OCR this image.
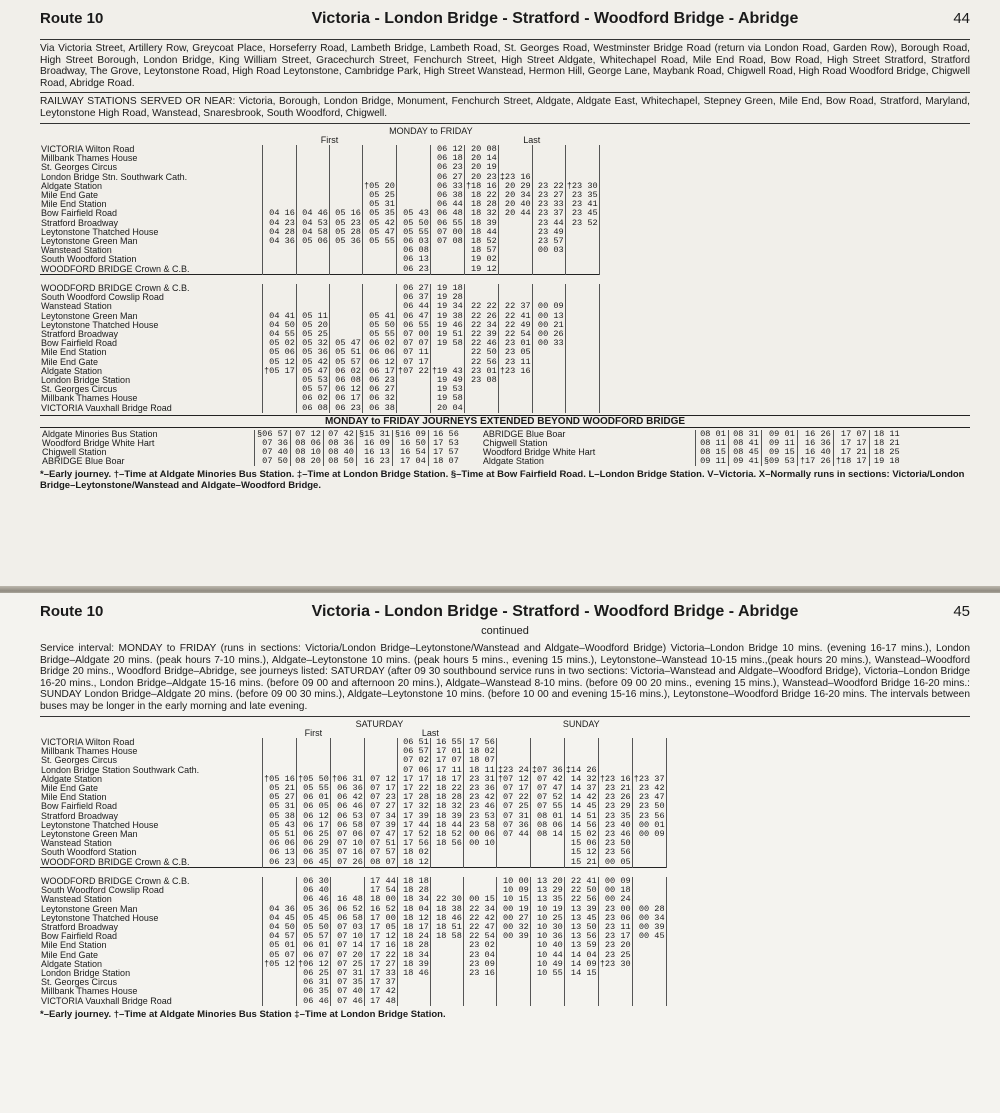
Route 10	Victoria - London Bridge - Stratford - Woodford Bridge - Abridge	44
Via Victoria Street, Artillery Row, Greycoat Place, Horseferry Road, Lambeth Bridge, Lambeth Road, St. Georges Road, Westminster Bridge Road (return via London Road, Garden Row), Borough Road, High Street Borough, London Bridge, King William Street, Gracechurch Street, Fenchurch Street, High Street Aldgate, Whitechapel Road, Mile End Road, Bow Road, High Street Stratford, Stratford Broadway, The Grove, Leytonstone Road, High Road Leytonstone, Cambridge Park, High Street Wanstead, Hermon Hill, George Lane, Maybank Road, Chigwell Road, High Road Woodford Bridge, Chigwell Road, Abridge Road.
RAILWAY STATIONS SERVED OR NEAR: Victoria, Borough, London Bridge, Monument, Fenchurch Street, Aldgate, Aldgate East, Whitechapel, Stepney Green, Mile End, Bow Road, Stratford, Maryland, Leytonstone High Road, Wanstead, Snaresbrook, South Woodford, Chigwell.
	MONDAY to FRIDAY									
	First						Last			
VICTORIA Wilton Road						06 12	20 08			
Millbank Thames House						06 18	20 14			
St. Georges Circus						06 23	20 19			
London Bridge Stn. Southwark Cath.						06 27	20 23	‡23 16		
Aldgate Station				†05 20		06 33	†18 16	20 29	23 22	†23 30
Mile End Gate				05 25		06 38	18 22	20 34	23 27	23 35
Mile End Station				05 31		06 44	18 28	20 40	23 33	23 41
Bow Fairfield Road	04 16	04 46	05 16	05 35	05 43	06 48	18 32	20 44	23 37	23 45
Stratford Broadway	04 23	04 53	05 23	05 42	05 50	06 55	18 39		23 44	23 52
Leytonstone Thatched House	04 28	04 58	05 28	05 47	05 55	07 00	18 44		23 49	
Leytonstone Green Man	04 36	05 06	05 36	05 55	06 03	07 08	18 52		23 57	
Wanstead Station					06 08		18 57		00 03	
South Woodford Station					06 13		19 02			
WOODFORD BRIDGE Crown & C.B.					06 23		19 12			

WOODFORD BRIDGE Crown & C.B.					06 27	19 18				
South Woodford Cowslip Road					06 37	19 28				
Wanstead Station					06 44	19 34	22 22	22 37	00 09	
Leytonstone Green Man	04 41	05 11		05 41	06 47	19 38	22 26	22 41	00 13	
Leytonstone Thatched House	04 50	05 20		05 50	06 55	19 46	22 34	22 49	00 21	
Stratford Broadway	04 55	05 25		05 55	07 00	19 51	22 39	22 54	00 26	
Bow Fairfield Road	05 02	05 32	05 47	06 02	07 07	19 58	22 46	23 01	00 33	
Mile End Station	05 06	05 36	05 51	06 06	07 11		22 50	23 05		
Mile End Gate	05 12	05 42	05 57	06 12	07 17		22 56	23 11		
Aldgate Station	†05 17	05 47	06 02	06 17	†07 22	†19 43	23 01	†23 16		
London Bridge Station		05 53	06 08	06 23		19 49	23 08			
St. Georges Circus		05 57	06 12	06 27		19 53				
Millbank Thames House		06 02	06 17	06 32		19 58				
VICTORIA Vauxhall Bridge Road		06 08	06 23	06 38		20 04				
MONDAY to FRIDAY JOURNEYS EXTENDED BEYOND WOODFORD BRIDGE
Aldgate Minories Bus Station	§06 57	07 12	07 42	§15 31	§16 09	16 56
Woodford Bridge White Hart	07 36	08 06	08 36	16 09	16 50	17 53
Chigwell Station	07 40	08 10	08 40	16 13	16 54	17 57
ABRIDGE Blue Boar	07 50	08 20	08 50	16 23	17 04	18 07
ABRIDGE Blue Boar	08 01	08 31	09 01	16 26	17 07	18 11
Chigwell Station	08 11	08 41	09 11	16 36	17 17	18 21
Woodford Bridge White Hart	08 15	08 45	09 15	16 40	17 21	18 25
Aldgate Station	09 11	09 41	§09 53	†17 26	†18 17	19 18
*–Early journey. †–Time at Aldgate Minories Bus Station. ‡–Time at London Bridge Station. §–Time at Bow Fairfield Road. L–London Bridge Station. V–Victoria. X–Normally runs in sections: Victoria/London Bridge–Leytonstone/Wanstead and Aldgate–Woodford Bridge.
Route 10	Victoria - London Bridge - Stratford - Woodford Bridge - Abridge	45
continued
Service interval: MONDAY to FRIDAY (runs in sections: Victoria/London Bridge–Leytonstone/Wanstead and Aldgate–Woodford Bridge) Victoria–London Bridge 10 mins. (evening 16-17 mins.), London Bridge–Aldgate 20 mins. (peak hours 7-10 mins.), Aldgate–Leytonstone 10 mins. (peak hours 5 mins., evening 15 mins.), Leytonstone–Wanstead 10-15 mins.,(peak hours 20 mins.), Wanstead–Woodford Bridge 20 mins., Woodford Bridge–Abridge, see journeys listed: SATURDAY (after 09 30 southbound service runs in two sections: Victoria–Wanstead and Aldgate–Woodford Bridge), Victoria–London Bridge 16-20 mins., London Bridge–Aldgate 15-16 mins. (before 09 00 and afternoon 20 mins.), Aldgate–Wanstead 8-10 mins. (before 09 00 20 mins., evening 15 mins.), Wanstead–Woodford Bridge 16-20 mins.: SUNDAY London Bridge–Aldgate 20 mins. (before 09 00 30 mins.), Aldgate–Leytonstone 10 mins. (before 10 00 and evening 15-16 mins.), Leytonstone–Woodford Bridge 16-20 mins. The intervals between buses may be longer in the early morning and late evening.
	SATURDAY							SUNDAY				
	First			Last								
VICTORIA Wilton Road					06 51	16 55	17 56					
Millbank Thames House					06 57	17 01	18 02					
St. Georges Circus					07 02	17 07	18 07					
London Bridge Station Southwark Cath.					07 06	17 11	18 11	‡23 24	‡07 36	‡14 26		
Aldgate Station	†05 16	†05 50	†06 31	07 12	17 17	18 17	23 31	†07 12	07 42	14 32	†23 16	†23 37
Mile End Gate	05 21	05 55	06 36	07 17	17 22	18 22	23 36	07 17	07 47	14 37	23 21	23 42
Mile End Station	05 27	06 01	06 42	07 23	17 28	18 28	23 42	07 22	07 52	14 42	23 26	23 47
Bow Fairfield Road	05 31	06 05	06 46	07 27	17 32	18 32	23 46	07 25	07 55	14 45	23 29	23 50
Stratford Broadway	05 38	06 12	06 53	07 34	17 39	18 39	23 53	07 31	08 01	14 51	23 35	23 56
Leytonstone Thatched House	05 43	06 17	06 58	07 39	17 44	18 44	23 58	07 36	08 06	14 56	23 40	00 01
Leytonstone Green Man	05 51	06 25	07 06	07 47	17 52	18 52	00 06	07 44	08 14	15 02	23 46	00 09
Wanstead Station	06 06	06 29	07 10	07 51	17 56	18 56	00 10			15 06	23 50	
South Woodford Station	06 13	06 35	07 16	07 57	18 02					15 12	23 56	
WOODFORD BRIDGE Crown & C.B.	06 23	06 45	07 26	08 07	18 12					15 21	00 05	

WOODFORD BRIDGE Crown & C.B.		06 30		17 44	18 18			10 00	13 20	22 41	00 09	
South Woodford Cowslip Road		06 40		17 54	18 28			10 09	13 29	22 50	00 18	
Wanstead Station		06 46	16 48	18 00	18 34	22 30	00 15	10 15	13 35	22 56	00 24	
Leytonstone Green Man	04 36	05 36	06 52	16 52	18 04	18 38	22 34	00 19	10 19	13 39	23 00	00 28
Leytonstone Thatched House	04 45	05 45	06 58	17 00	18 12	18 46	22 42	00 27	10 25	13 45	23 06	00 34
Stratford Broadway	04 50	05 50	07 03	17 05	18 17	18 51	22 47	00 32	10 30	13 50	23 11	00 39
Bow Fairfield Road	04 57	05 57	07 10	17 12	18 24	18 58	22 54	00 39	10 36	13 56	23 17	00 45
Mile End Station	05 01	06 01	07 14	17 16	18 28		23 02		10 40	13 59	23 20	
Mile End Gate	05 07	06 07	07 20	17 22	18 34		23 04		10 44	14 04	23 25	
Aldgate Station	†05 12	†06 12	07 25	17 27	18 39		23 09		10 49	14 09	†23 30	
London Bridge Station		06 25	07 31	17 33	18 46		23 16		10 55	14 15		
St. Georges Circus		06 31	07 35	17 37								
Millbank Thames House		06 35	07 40	17 42								
VICTORIA Vauxhall Bridge Road		06 46	07 46	17 48								
*–Early journey. †–Time at Aldgate Minories Bus Station ‡–Time at London Bridge Station.
